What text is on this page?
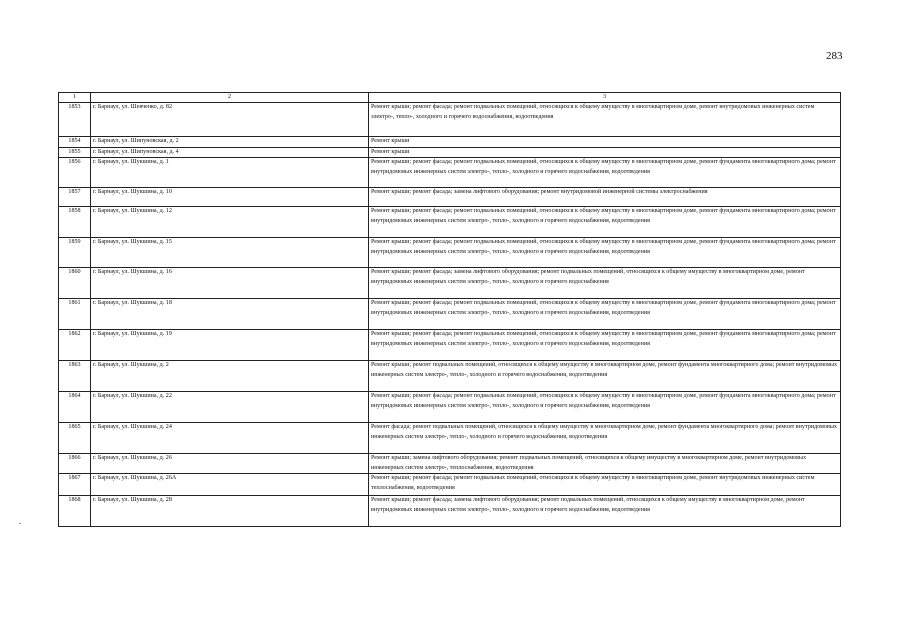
283
-
1	2	3
1853	г. Барнаул, ул. Шевченко, д. 82	Ремонт крыши; ремонт фасада; ремонт подвальных помещений, относящихся к общему имуществу в многоквартирном доме, ремонт внутридомовых инженерных систем электро-, тепло-, холодного и горячего водоснабжения, водоотведения
1854	г. Барнаул, ул. Шипуновская, д. 2	Ремонт крыши
1855	г. Барнаул, ул. Шипуновская, д. 4	Ремонт крыши
1856	г. Барнаул, ул. Шукшина, д. 1	Ремонт крыши; ремонт фасада; ремонт подвальных помещений, относящихся к общему имуществу в многоквартирном доме, ремонт фундамента многоквартирного дома; ремонт внутридомовых инженерных систем электро-, тепло-, холодного и горячего водоснабжения, водоотведения
1857	г. Барнаул, ул. Шукшина, д. 10	Ремонт крыши; ремонт фасада; замена лифтового оборудования; ремонт внутридомовой инженерной системы электроснабжения
1858	г. Барнаул, ул. Шукшина, д. 12	Ремонт крыши; ремонт фасада; ремонт подвальных помещений, относящихся к общему имуществу в многоквартирном доме, ремонт фундамента многоквартирного дома; ремонт внутридомовых инженерных систем электро-, тепло-, холодного и горячего водоснабжения, водоотведения
1859	г. Барнаул, ул. Шукшина, д. 15	Ремонт крыши; ремонт фасада; ремонт подвальных помещений, относящихся к общему имуществу в многоквартирном доме, ремонт фундамента многоквартирного дома; ремонт внутридомовых инженерных систем электро-, тепло-, холодного и горячего водоснабжения, водоотведения
1860	г. Барнаул, ул. Шукшина, д. 16	Ремонт крыши; ремонт фасада; замена лифтового оборудования; ремонт подвальных помещений, относящихся к общему имуществу в многоквартирном доме, ремонт внутридомовых инженерных систем электро-, тепло-, холодного и горячего водоснабжения
1861	г. Барнаул, ул. Шукшина, д. 18	Ремонт крыши; ремонт фасада; ремонт подвальных помещений, относящихся к общему имуществу в многоквартирном доме, ремонт фундамента многоквартирного дома; ремонт внутридомовых инженерных систем электро-, тепло-, холодного и горячего водоснабжения, водоотведения
1862	г. Барнаул, ул. Шукшина, д. 19	Ремонт крыши; ремонт фасада; ремонт подвальных помещений, относящихся к общему имуществу в многоквартирном доме, ремонт фундамента многоквартирного дома; ремонт внутридомовых инженерных систем электро-, тепло-, холодного и горячего водоснабжения, водоотведения
1863	г. Барнаул, ул. Шукшина, д. 2	Ремонт крыши; ремонт подвальных помещений, относящихся к общему имуществу в многоквартирном доме, ремонт фундамента многоквартирного дома; ремонт внутридомовых инженерных систем электро-, тепло-, холодного и горячего водоснабжения, водоотведения
1864	г. Барнаул, ул. Шукшина, д. 22	Ремонт крыши; ремонт фасада; ремонт подвальных помещений, относящихся к общему имуществу в многоквартирном доме, ремонт фундамента многоквартирного дома; ремонт внутридомовых инженерных систем электро-, тепло-, холодного и горячего водоснабжения, водоотведения
1865	г. Барнаул, ул. Шукшина, д. 24	Ремонт фасада; ремонт подвальных помещений, относящихся к общему имуществу в многоквартирном доме, ремонт фундамента многоквартирного дома; ремонт внутридомовых инженерных систем электро-, тепло-, холодного и горячего водоснабжения, водоотведения
1866	г. Барнаул, ул. Шукшина, д. 26	Ремонт крыши; замена лифтового оборудования; ремонт подвальных помещений, относящихся к общему имуществу в многоквартирном доме, ремонт внутридомовых инженерных систем электро-, теплоснабжения, водоотведения
1867	г. Барнаул, ул. Шукшина, д. 26А	Ремонт крыши; ремонт фасада; ремонт подвальных помещений, относящихся к общему имуществу в многоквартирном доме, ремонт внутридомовых инженерных систем теплоснабжения, водоотведения
1868	г. Барнаул, ул. Шукшина, д. 28	Ремонт крыши; ремонт фасада; замена лифтового оборудования; ремонт подвальных помещений, относящихся к общему имуществу в многоквартирном доме, ремонт внутридомовых инженерных систем электро-, тепло-, холодного и горячего водоснабжения, водоотведения
